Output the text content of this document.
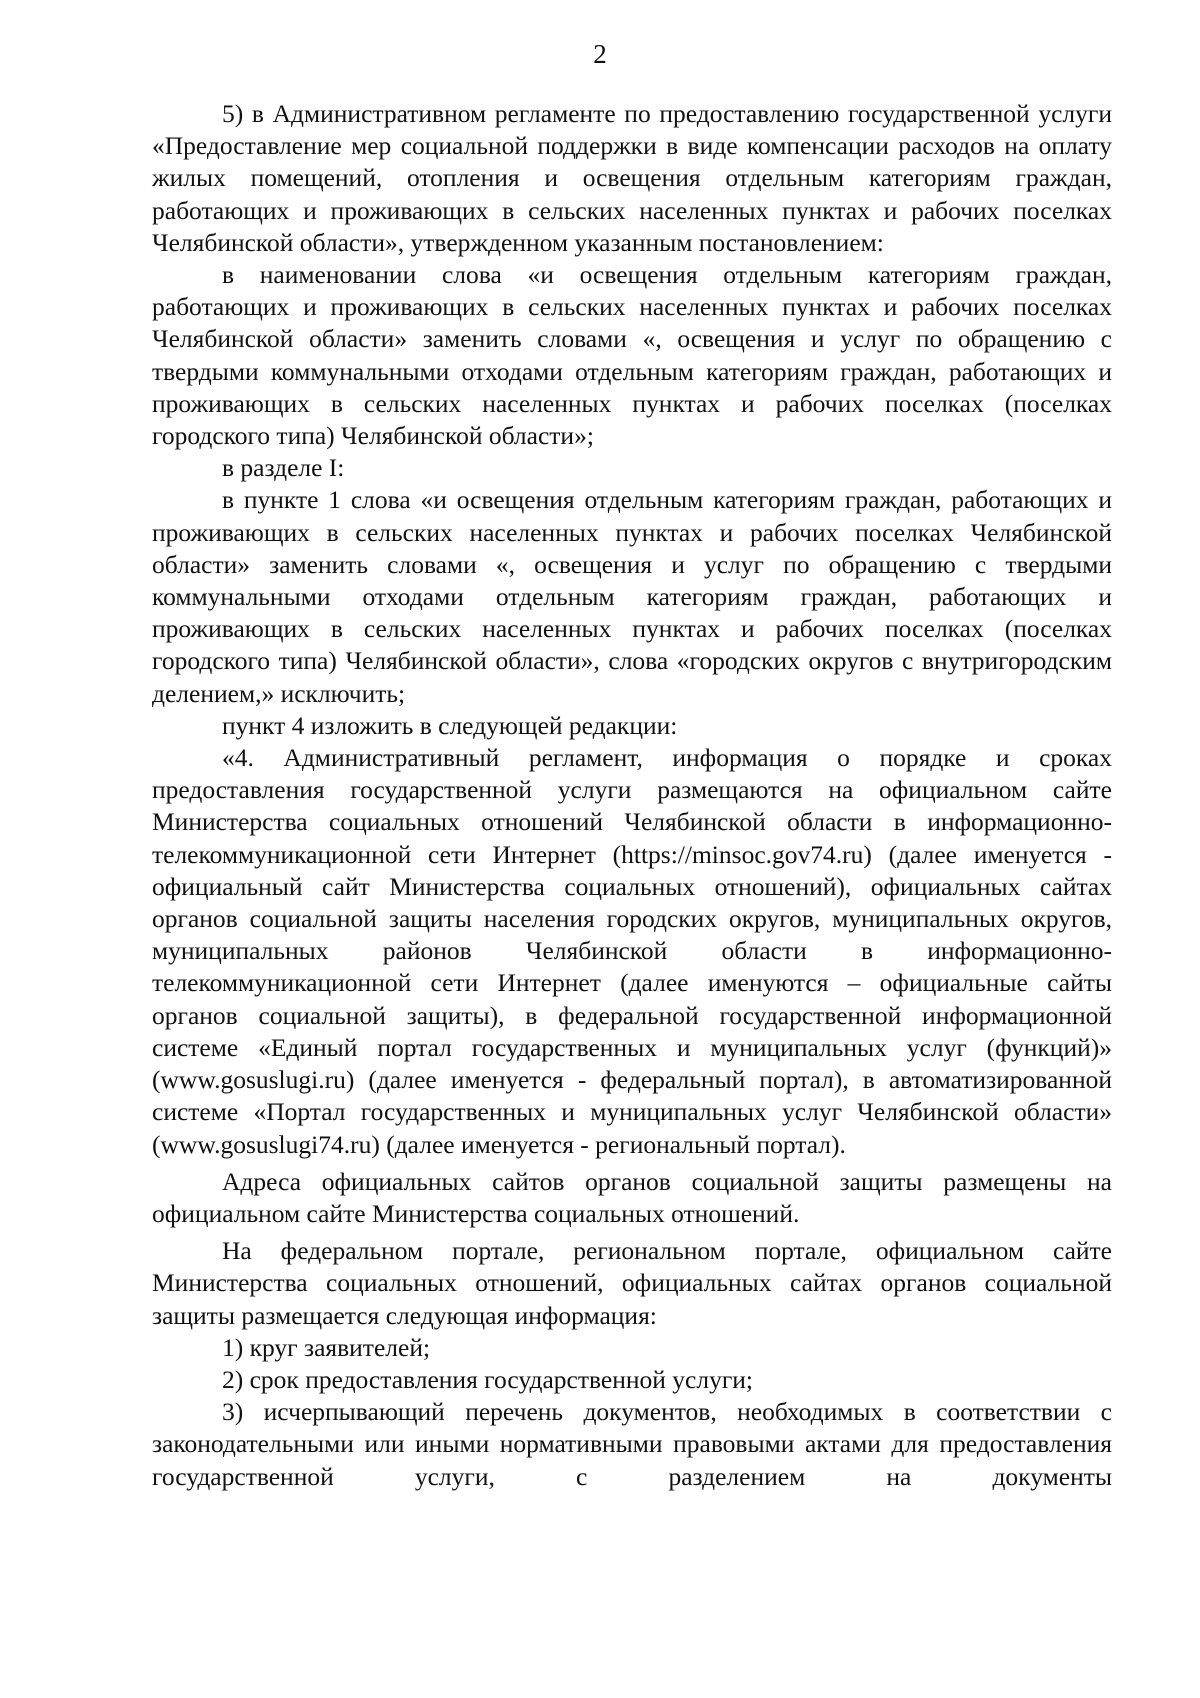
2

5) в Административном регламенте по предоставлению государственной услуги «Предоставление мер социальной поддержки в виде компенсации расходов на оплату жилых помещений, отопления и освещения отдельным категориям граждан, работающих и проживающих в сельских населенных пунктах и рабочих поселках Челябинской области», утвержденном указанным постановлением:

в наименовании слова «и освещения отдельным категориям граждан, работающих и проживающих в сельских населенных пунктах и рабочих поселках Челябинской области» заменить словами «, освещения и услуг по обращению с твердыми коммунальными отходами отдельным категориям граждан, работающих и проживающих в сельских населенных пунктах и рабочих поселках (поселках городского типа) Челябинской области»;

в разделе I:

в пункте 1 слова «и освещения отдельным категориям граждан, работающих и проживающих в сельских населенных пунктах и рабочих поселках Челябинской области» заменить словами «, освещения и услуг по обращению с твердыми коммунальными отходами отдельным категориям граждан, работающих и проживающих в сельских населенных пунктах и рабочих поселках (поселках городского типа) Челябинской области», слова «городских округов с внутригородским делением,» исключить;

пункт 4 изложить в следующей редакции:

«4. Административный регламент, информация о порядке и сроках предоставления государственной услуги размещаются на официальном сайте Министерства социальных отношений Челябинской области в информационно-телекоммуникационной сети Интернет (https://minsoc.gov74.ru) (далее именуется - официальный сайт Министерства социальных отношений), официальных сайтах органов социальной защиты населения городских округов, муниципальных округов, муниципальных районов Челябинской области в информационно-телекоммуникационной сети Интернет (далее именуются – официальные сайты органов социальной защиты), в федеральной государственной информационной системе «Единый портал государственных и муниципальных услуг (функций)» (www.gosuslugi.ru) (далее именуется - федеральный портал), в автоматизированной системе «Портал государственных и муниципальных услуг Челябинской области» (www.gosuslugi74.ru) (далее именуется - региональный портал).

Адреса официальных сайтов органов социальной защиты размещены на официальном сайте Министерства социальных отношений.

На федеральном портале, региональном портале, официальном сайте Министерства социальных отношений, официальных сайтах органов социальной защиты размещается следующая информация:

1) круг заявителей;

2) срок предоставления государственной услуги;

3) исчерпывающий перечень документов, необходимых в соответствии с законодательными или иными нормативными правовыми актами для предоставления государственной услуги, с разделением на документы
